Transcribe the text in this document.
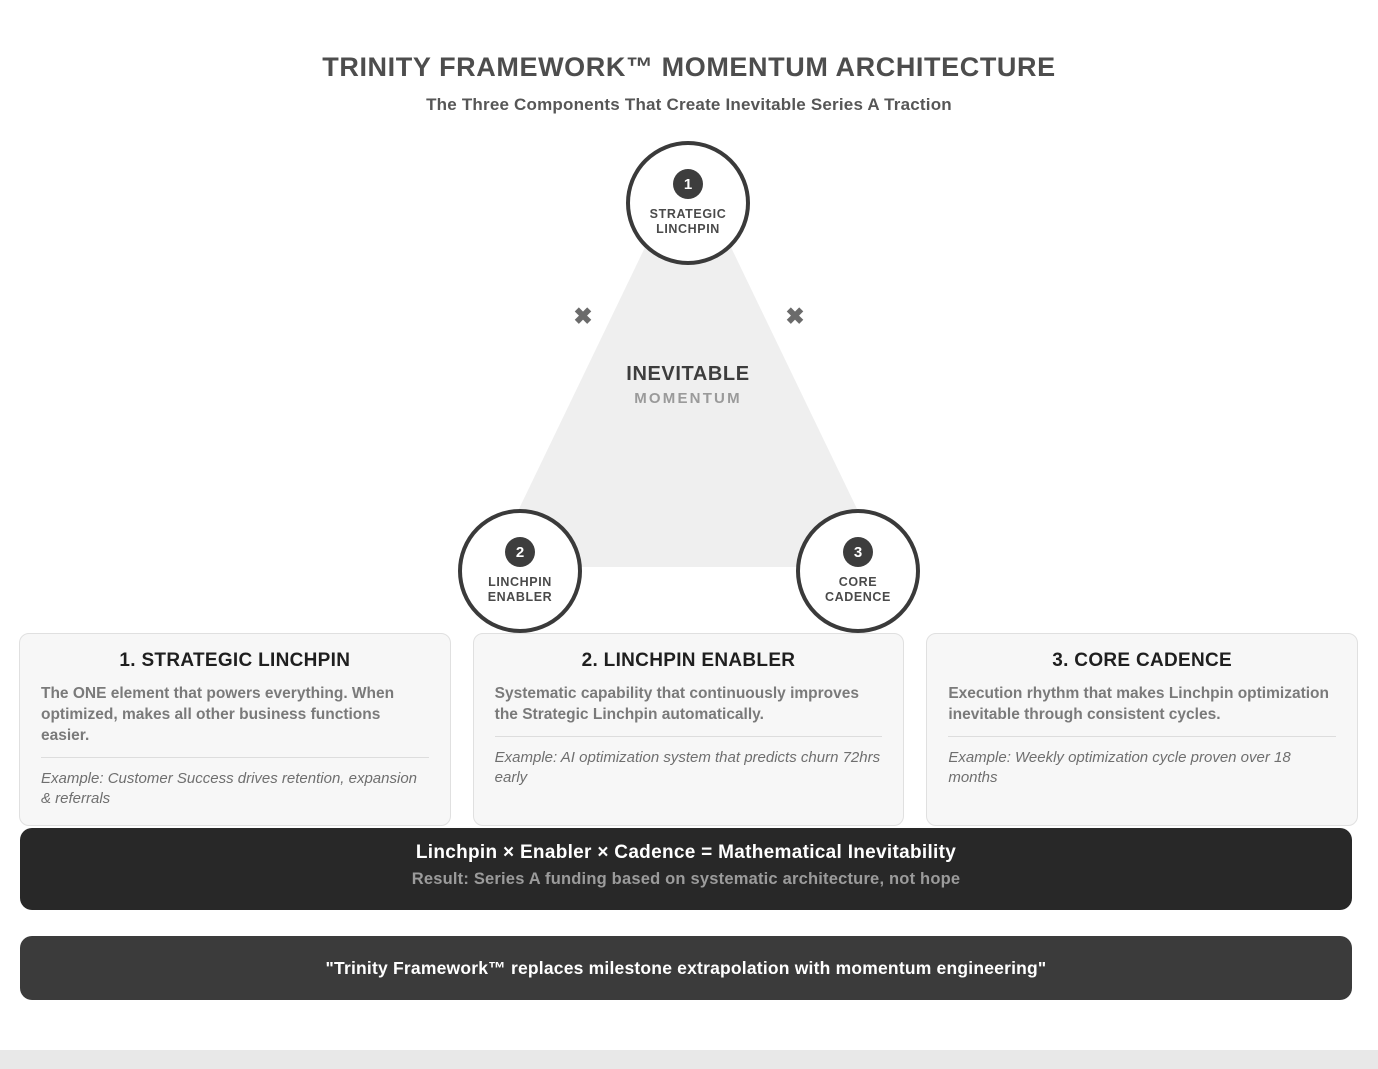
TRINITY FRAMEWORK™ MOMENTUM ARCHITECTURE
The Three Components That Create Inevitable Series A Traction
✖	✖
INEVITABLE
MOMENTUM
1
STRATEGIC
LINCHPIN
2
LINCHPIN
ENABLER
3
CORE
CADENCE
1. STRATEGIC LINCHPIN
The ONE element that powers everything. When optimized, makes all other business functions easier.
Example: Customer Success drives retention, expansion & referrals
2. LINCHPIN ENABLER
Systematic capability that continuously improves the Strategic Linchpin automatically.
Example: AI optimization system that predicts churn 72hrs early
3. CORE CADENCE
Execution rhythm that makes Linchpin optimization inevitable through consistent cycles.
Example: Weekly optimization cycle proven over 18 months
Linchpin × Enabler × Cadence = Mathematical Inevitability
Result: Series A funding based on systematic architecture, not hope
"Trinity Framework™ replaces milestone extrapolation with momentum engineering"
